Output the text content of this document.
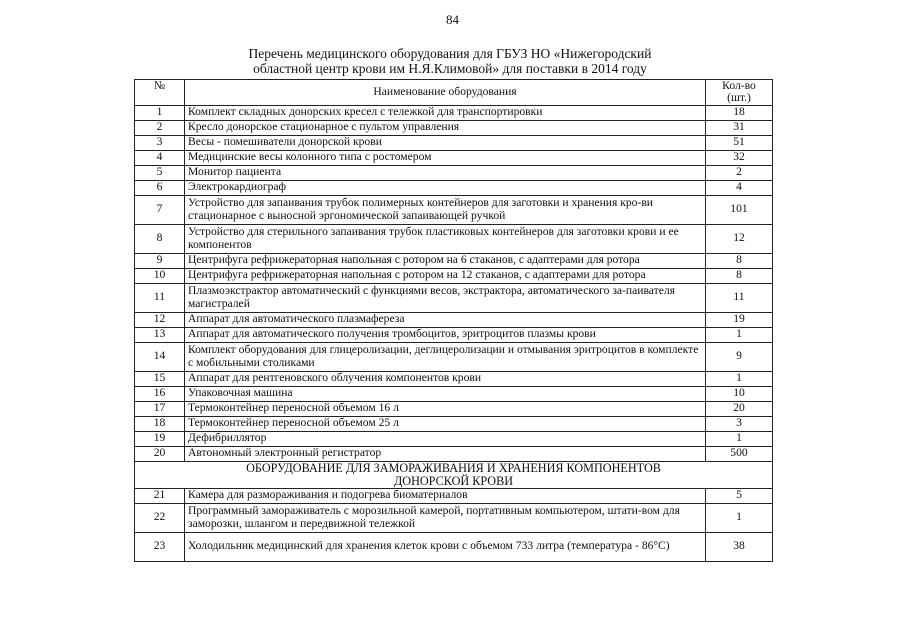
84
Перечень медицинского оборудования для ГБУЗ НО «Нижегородский
областной центр крови им Н.Я.Климовой» для поставки в 2014 году
№	Наименование оборудования	Кол-во
(шт.)

1	Комплект складных донорских кресел с тележкой для транспортировки	18
2	Кресло донорское стационарное с пультом управления	31
3	Весы - помешиватели донорской крови	51
4	Медицинские весы колонного типа с ростомером	32
5	Монитор пациента	2
6	Электрокардиограф	4
7	Устройство для запаивания трубок полимерных контейнеров для заготовки и хранения кро-ви стационарное с выносной эргономической запаивающей ручкой	101
8	Устройство для стерильного запаивания трубок пластиковых контейнеров для заготовки крови и ее компонентов	12
9	Центрифуга рефрижераторная напольная с ротором на 6 стаканов, с адаптерами для ротора	8
10	Центрифуга рефрижераторная напольная с ротором на 12 стаканов, с адаптерами для ротора	8
11	Плазмоэкстрактор автоматический с функциями весов, экстрактора, автоматического за-паивателя магистралей	11
12	Аппарат для автоматического плазмафереза	19
13	Аппарат для автоматического получения тромбоцитов, эритроцитов плазмы крови	1
14	Комплект оборудования для глицеролизации, деглицеролизации и отмывания эритроцитов в комплекте с мобильными столиками	9
15	Аппарат для рентгеновского облучения компонентов крови	1
16	Упаковочная машина	10
17	Термоконтейнер переносной объемом 16 л	20
18	Термоконтейнер переносной объемом 25 л	3
19	Дефибриллятор	1
20	Автономный электронный регистратор	500

ОБОРУДОВАНИЕ ДЛЯ ЗАМОРАЖИВАНИЯ И ХРАНЕНИЯ КОМПОНЕНТОВ
ДОНОРСКОЙ КРОВИ		

21	Камера для размораживания и подогрева биоматериалов	5
22	Программный замораживатель с морозильной камерой, портативным компьютером, штати-вом для заморозки, шлангом и передвижной тележкой	1
23	Холодильник медицинский для хранения клеток крови с объемом 733 литра (температура - 86°С)	38
